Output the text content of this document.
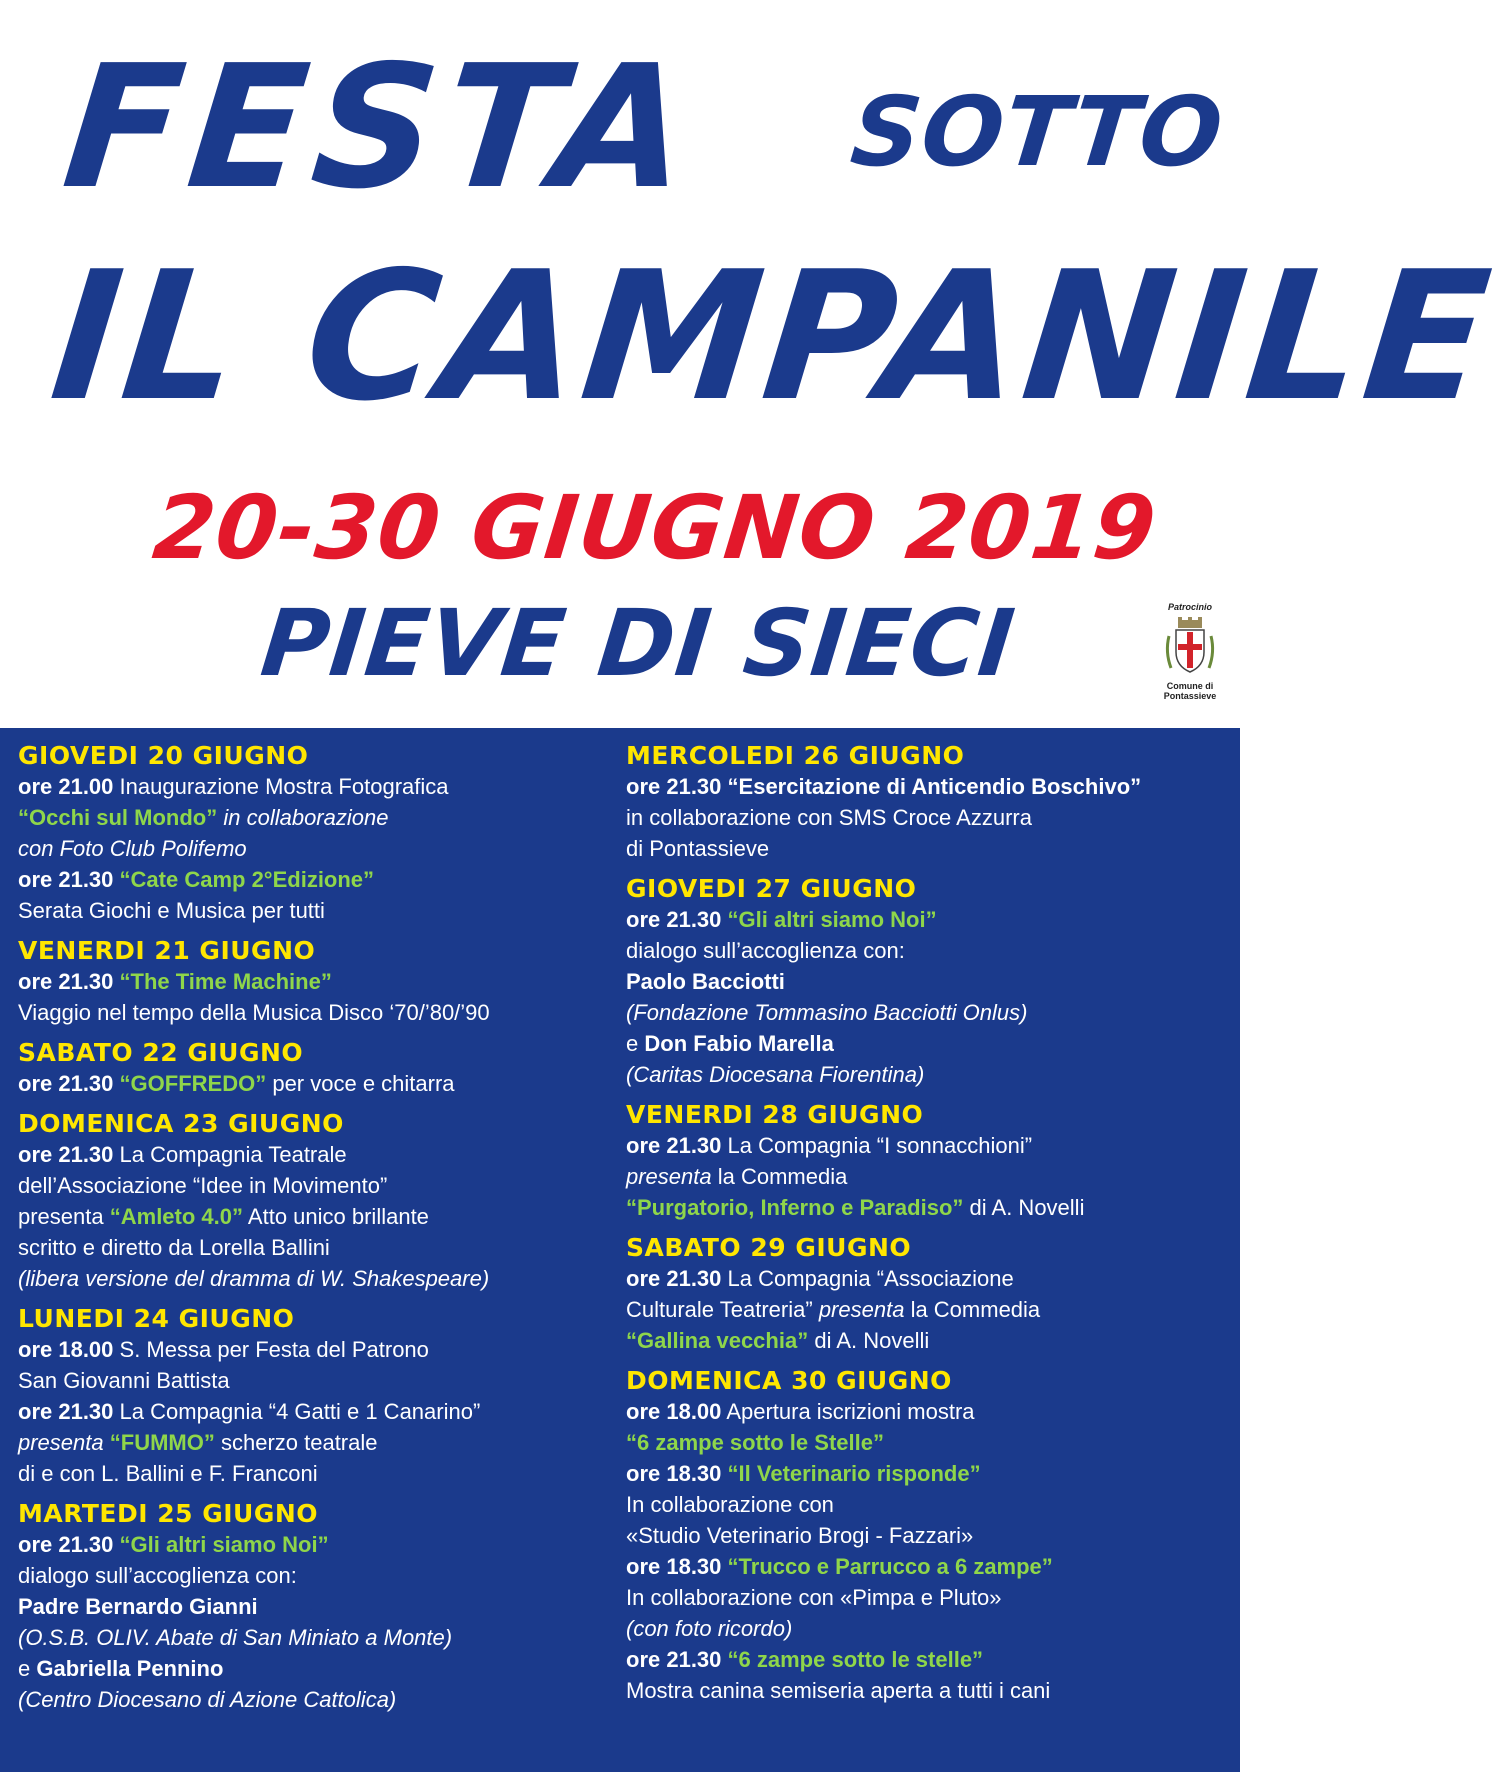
FESTA SOTTO
IL CAMPANILE
20-30 GIUGNO 2019
PIEVE DI SIECI	Patrocinio
Comune di
Pontassieve
GIOVEDI 20 GIUGNO
ore 21.00 Inaugurazione Mostra Fotografica
“Occhi sul Mondo” in collaborazione
con Foto Club Polifemo
ore 21.30 “Cate Camp 2°Edizione”
Serata Giochi e Musica per tutti
VENERDI 21 GIUGNO
ore 21.30 “The Time Machine”
Viaggio nel tempo della Musica Disco ‘70/’80/’90
SABATO 22 GIUGNO
ore 21.30 “GOFFREDO” per voce e chitarra
DOMENICA 23 GIUGNO
ore 21.30 La Compagnia Teatrale
dell’Associazione “Idee in Movimento”
presenta “Amleto 4.0” Atto unico brillante
scritto e diretto da Lorella Ballini
(libera versione del dramma di W. Shakespeare)
LUNEDI 24 GIUGNO
ore 18.00 S. Messa per Festa del Patrono
San Giovanni Battista
ore 21.30 La Compagnia “4 Gatti e 1 Canarino”
presenta “FUMMO” scherzo teatrale
di e con L. Ballini e F. Franconi
MARTEDI 25 GIUGNO
ore 21.30 “Gli altri siamo Noi”
dialogo sull’accoglienza con:
Padre Bernardo Gianni
(O.S.B. OLIV. Abate di San Miniato a Monte)
e Gabriella Pennino
(Centro Diocesano di Azione Cattolica)
MERCOLEDI 26 GIUGNO
ore 21.30 “Esercitazione di Anticendio Boschivo”
in collaborazione con SMS Croce Azzurra
di Pontassieve
GIOVEDI 27 GIUGNO
ore 21.30 “Gli altri siamo Noi”
dialogo sull’accoglienza con:
Paolo Bacciotti
(Fondazione Tommasino Bacciotti Onlus)
e Don Fabio Marella
(Caritas Diocesana Fiorentina)
VENERDI 28 GIUGNO
ore 21.30 La Compagnia “I sonnacchioni”
presenta la Commedia
“Purgatorio, Inferno e Paradiso” di A. Novelli
SABATO 29 GIUGNO
ore 21.30 La Compagnia “Associazione
Culturale Teatreria” presenta la Commedia
“Gallina vecchia” di A. Novelli
DOMENICA 30 GIUGNO
ore 18.00 Apertura iscrizioni mostra
“6 zampe sotto le Stelle”
ore 18.30 “Il Veterinario risponde”
In collaborazione con
«Studio Veterinario Brogi - Fazzari»
ore 18.30 “Trucco e Parrucco a 6 zampe”
In collaborazione con «Pimpa e Pluto»
(con foto ricordo)
ore 21.30 “6 zampe sotto le stelle”
Mostra canina semiseria aperta a tutti i cani
